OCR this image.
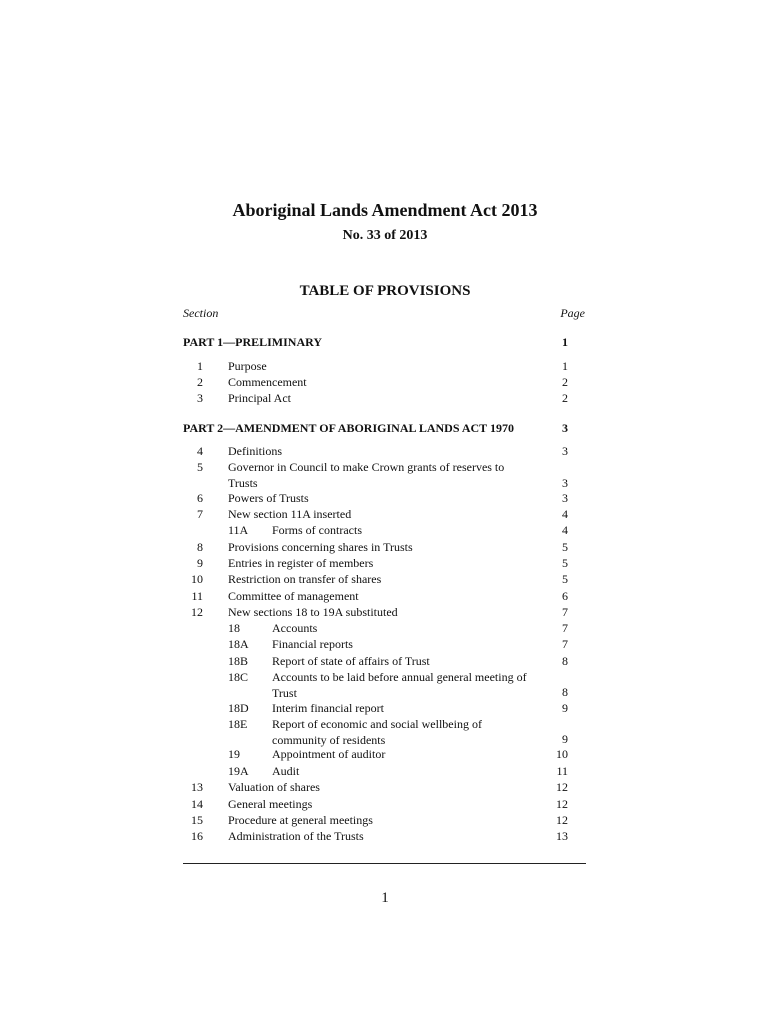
Aboriginal Lands Amendment Act 2013
No. 33 of 2013
TABLE OF PROVISIONS
Section	Page
PART 1—PRELIMINARY	1
1 Purpose	1
2 Commencement	2
3 Principal Act	2
PART 2—AMENDMENT OF ABORIGINAL LANDS ACT 1970	3
4 Definitions	3
5 Governor in Council to make Crown grants of reserves to Trusts	3
6 Powers of Trusts	3
7 New section 11A inserted	4
11A Forms of contracts	4
8 Provisions concerning shares in Trusts	5
9 Entries in register of members	5
10 Restriction on transfer of shares	5
11 Committee of management	6
12 New sections 18 to 19A substituted	7
18	Accounts	7
18A Financial reports	7
18B Report of state of affairs of Trust	8
18C Accounts to be laid before annual general meeting of Trust	8
18D Interim financial report	9
18E Report of economic and social wellbeing of community of residents	9
19	Appointment of auditor	10
19A Audit	11
13 Valuation of shares	12
14 General meetings	12
15 Procedure at general meetings	12
16 Administration of the Trusts	13
1
